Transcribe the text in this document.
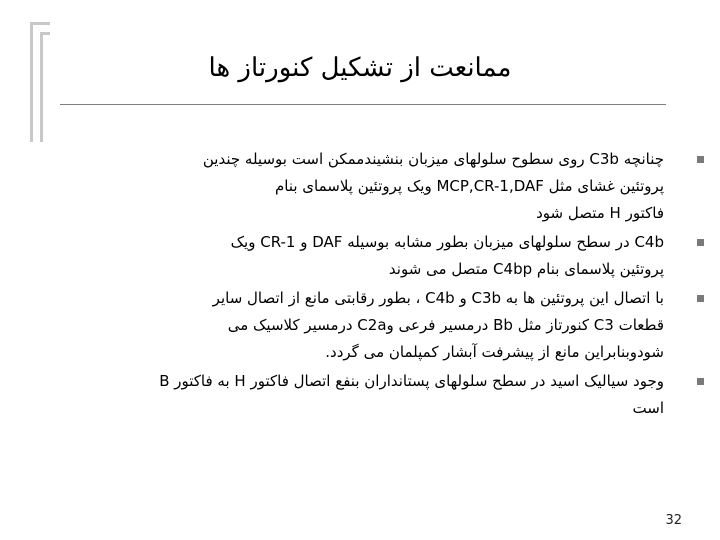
ممانعت از تشکیل کنورتاز ها
چنانچه C3b روی سطوح سلولهای میزبان بنشیندممکن است بوسیله چندین
پروتئین غشای مثل MCP,CR-1,DAF ویک پروتئین پلاسمای بنام
فاکتور H متصل شود
C4b در سطح سلولهای میزبان بطور مشابه بوسیله DAF و CR-1 ویک
پروتئین پلاسمای بنام C4bp متصل می شوند
با اتصال این پروتئین ها به C3b و C4b ، بطور رقابتی مانع از اتصال سایر
قطعات C3 کنورتاز مثل Bb درمسیر فرعی وC2a درمسیر کلاسیک می
شودوبنابراین مانع از پیشرفت آبشار کمپلمان می گردد.
وجود سیالیک اسید در سطح سلولهای پستانداران بنفع اتصال فاکتور H به فاکتور B
است
32
